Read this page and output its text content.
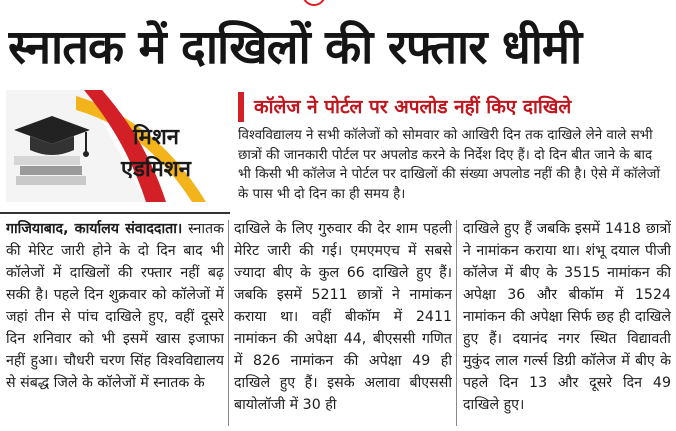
स्नातक में दाखिलों की रफ्तार धीमी
मिशन
एडमिशन
कॉलेज ने पोर्टल पर अपलोड नहीं किए दाखिले
विश्वविद्यालय ने सभी कॉलेजों को सोमवार को आखिरी दिन तक दाखिले लेने वाले सभी छात्रों की जानकारी पोर्टल पर अपलोड करने के निर्देश दिए हैं। दो दिन बीत जाने के बाद भी किसी भी कॉलेज ने पोर्टल पर दाखिलों की संख्या अपलोड नहीं की है। ऐसे में कॉलेजों के पास भी दो दिन का ही समय है।
गाजियाबाद, कार्यालय संवाददाता। स्नातक की मेरिट जारी होने के दो दिन बाद भी कॉलेजों में दाखिलों की रफ्तार नहीं बढ़ सकी है। पहले दिन शुक्रवार को कॉलेजों में जहां तीन से पांच दाखिले हुए, वहीं दूसरे दिन शनिवार को भी इसमें खास इजाफा नहीं हुआ। चौधरी चरण सिंह विश्वविद्यालय से संबद्ध जिले के कॉलेजों में स्नातक के
दाखिले के लिए गुरुवार की देर शाम पहली मेरिट जारी की गई। एमएमएच में सबसे ज्यादा बीए के कुल 66 दाखिले हुए हैं। जबकि इसमें 5211 छात्रों ने नामांकन कराया था। वहीं बीकॉम में 2411 नामांकन की अपेक्षा 44, बीएससी गणित में 826 नामांकन की अपेक्षा 49 ही दाखिले हुए हैं। इसके अलावा बीएससी बायोलॉजी में 30 ही
दाखिले हुए हैं जबकि इसमें 1418 छात्रों ने नामांकन कराया था। शंभू दयाल पीजी कॉलेज में बीए के 3515 नामांकन की अपेक्षा 36 और बीकॉम में 1524 नामांकन की अपेक्षा सिर्फ छह ही दाखिले हुए हैं। दयानंद नगर स्थित विद्यावती मुकुंद लाल गर्ल्स डिग्री कॉलेज में बीए के पहले दिन 13 और दूसरे दिन 49 दाखिले हुए।
